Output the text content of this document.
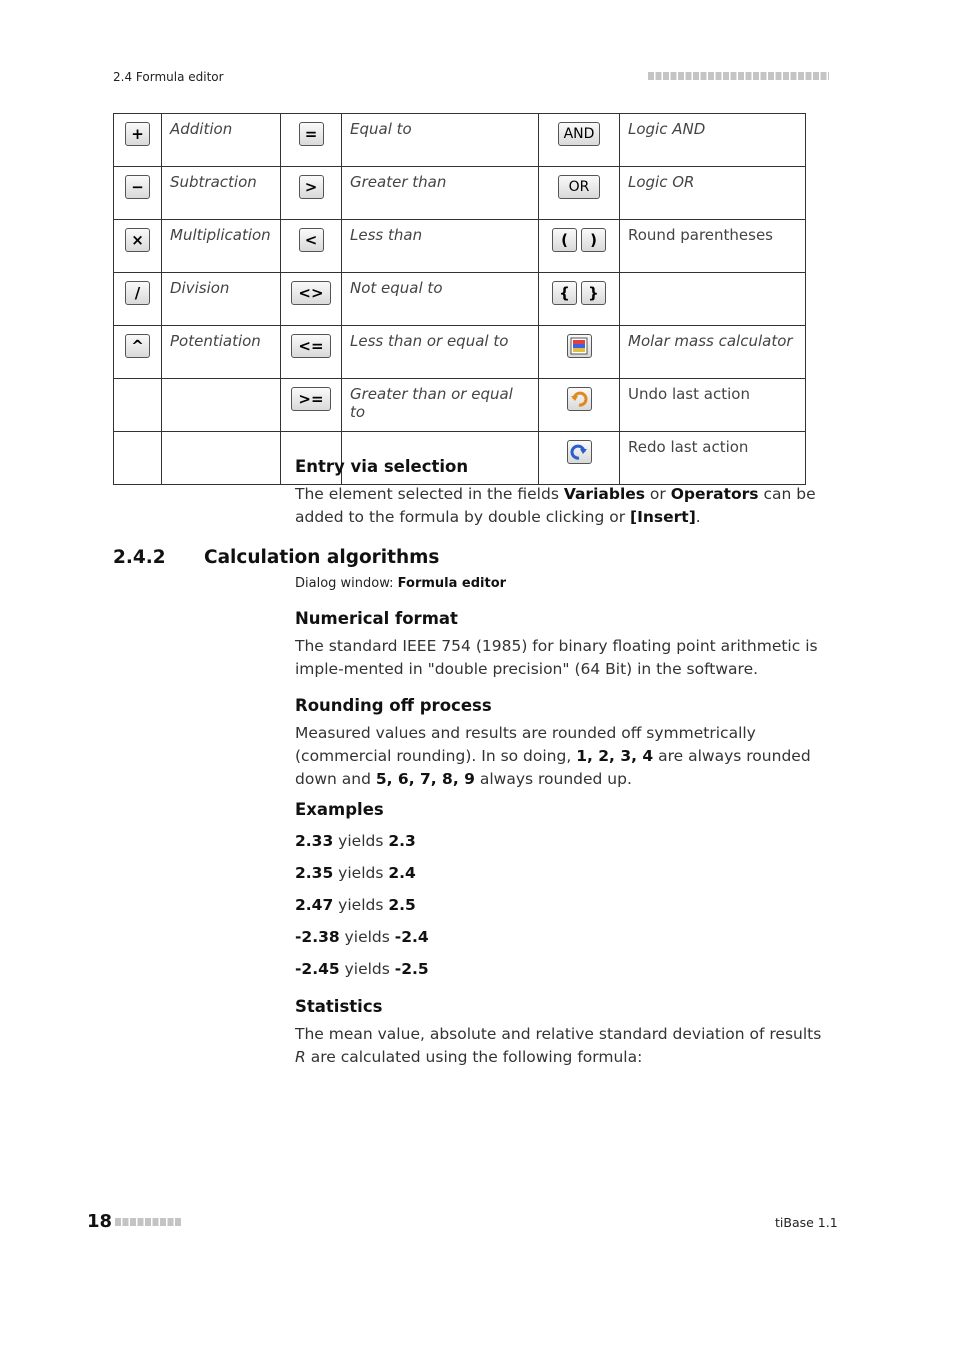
2.4 Formula editor
+	Addition	=	Equal to	AND	Logic AND
−	Subtraction	>	Greater than	OR	Logic OR
×	Multiplication	<	Less than	( )	Round parentheses
/	Division	<>	Not equal to	{ }	
^	Potentiation	<=	Less than or equal to		Molar mass calculator
		>=	Greater than or equal to		Undo last action
					Redo last action
Entry via selection
The element selected in the fields Variables or Operators can be added to the formula by double clicking or [Insert].
2.4.2 Calculation algorithms
Dialog window: Formula editor
Numerical format
The standard IEEE 754 (1985) for binary floating point arithmetic is imple-mented in "double precision" (64 Bit) in the software.
Rounding off process
Measured values and results are rounded off symmetrically (commercial rounding). In so doing, 1, 2, 3, 4 are always rounded down and 5, 6, 7, 8, 9 always rounded up.
Examples
2.33 yields 2.3
2.35 yields 2.4
2.47 yields 2.5
-2.38 yields -2.4
-2.45 yields -2.5
Statistics
The mean value, absolute and relative standard deviation of results R are calculated using the following formula:
18	tiBase 1.1
